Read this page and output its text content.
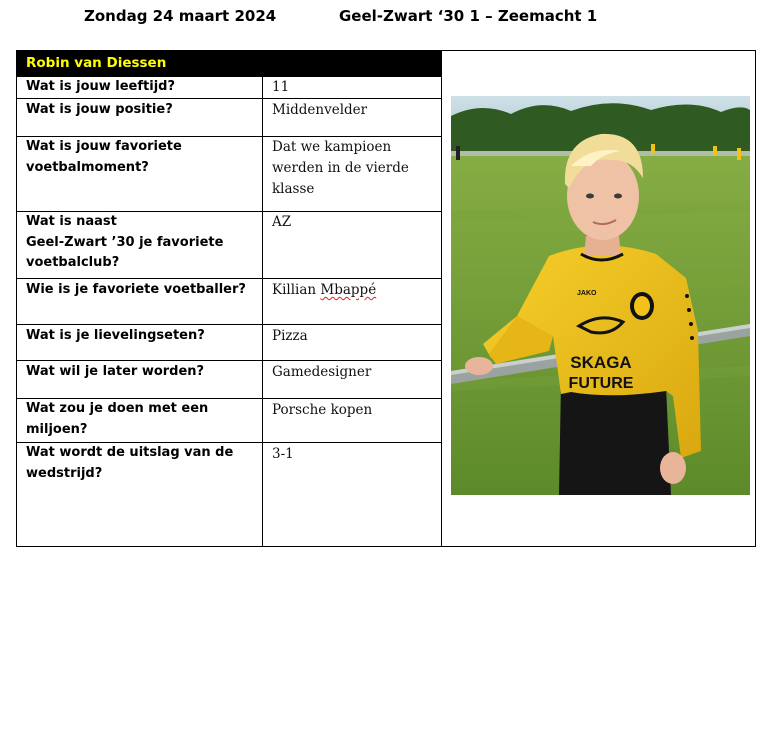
Zondag 24 maart 2024	Geel-Zwart ‘30 1 – Zeemacht 1
Robin van Diessen
Wat is jouw leeftijd?
Wat is jouw positie?
Wat is jouw favoriete voetbalmoment?
Wat is naast
Geel-Zwart ’30 je favoriete voetbalclub?
Wie is je favoriete voetballer?
Wat is je lievelingseten?
Wat wil je later worden?
Wat zou je doen met een miljoen?
Wat wordt de uitslag van de wedstrijd?
11
Middenvelder
Dat we kampioen werden in de vierde klasse
AZ
Killian Mbappé
Pizza
Gamedesigner
Porsche kopen
3-1
SKAGA
FUTURE
JAKO
